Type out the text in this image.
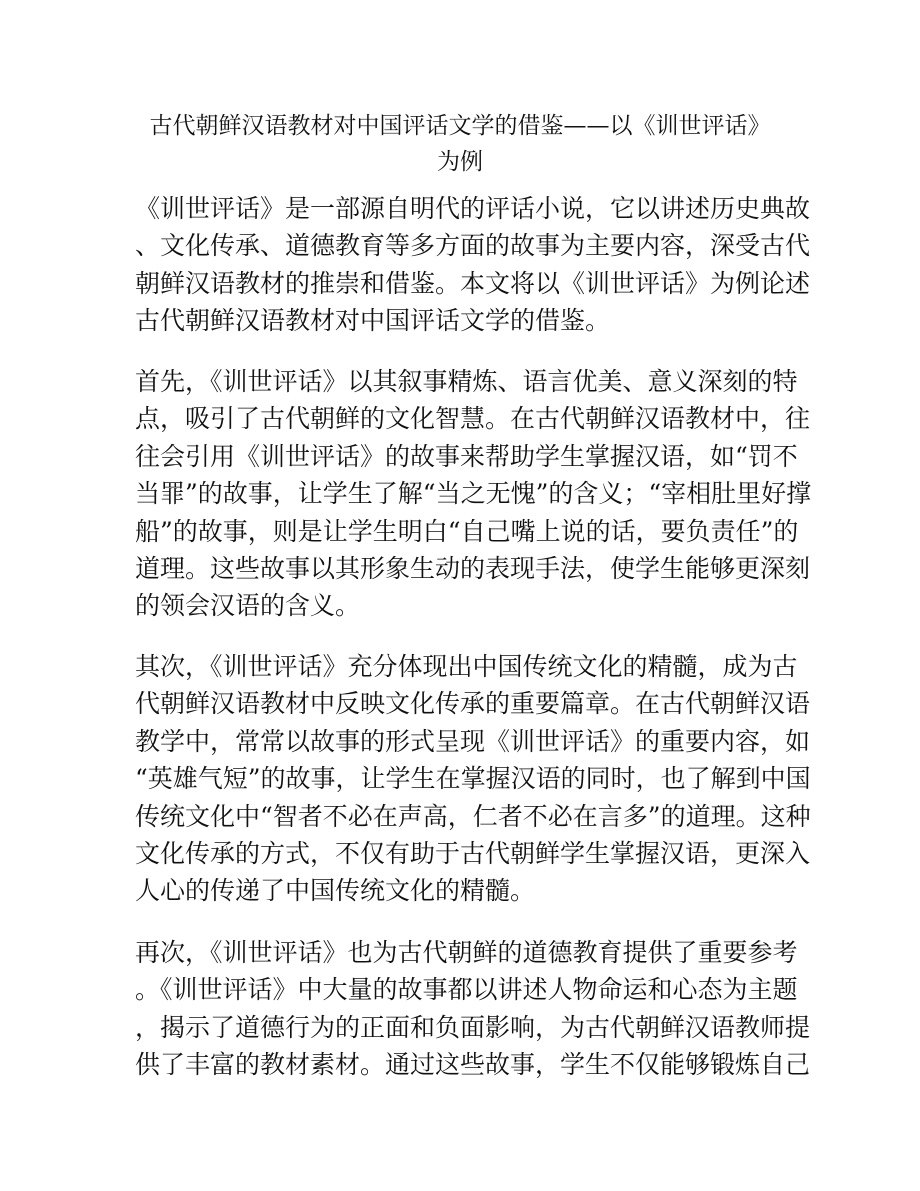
古代朝鲜汉语教材对中国评话文学的借鉴——以《训世评话》
为例

《训世评话》是一部源自明代的评话小说，它以讲述历史典故
、文化传承、道德教育等多方面的故事为主要内容，深受古代
朝鲜汉语教材的推崇和借鉴。本文将以《训世评话》为例论述
古代朝鲜汉语教材对中国评话文学的借鉴。

首先，《训世评话》以其叙事精炼、语言优美、意义深刻的特
点，吸引了古代朝鲜的文化智慧。在古代朝鲜汉语教材中，往
往会引用《训世评话》的故事来帮助学生掌握汉语，如“罚不
当罪”的故事，让学生了解“当之无愧”的含义；“宰相肚里好撑
船”的故事，则是让学生明白“自己嘴上说的话，要负责任”的
道理。这些故事以其形象生动的表现手法，使学生能够更深刻
的领会汉语的含义。

其次，《训世评话》充分体现出中国传统文化的精髓，成为古
代朝鲜汉语教材中反映文化传承的重要篇章。在古代朝鲜汉语
教学中，常常以故事的形式呈现《训世评话》的重要内容，如
“英雄气短”的故事，让学生在掌握汉语的同时，也了解到中国
传统文化中“智者不必在声高，仁者不必在言多”的道理。这种
文化传承的方式，不仅有助于古代朝鲜学生掌握汉语，更深入
人心的传递了中国传统文化的精髓。

再次，《训世评话》也为古代朝鲜的道德教育提供了重要参考
。《训世评话》中大量的故事都以讲述人物命运和心态为主题
，揭示了道德行为的正面和负面影响，为古代朝鲜汉语教师提
供了丰富的教材素材。通过这些故事，学生不仅能够锻炼自己
